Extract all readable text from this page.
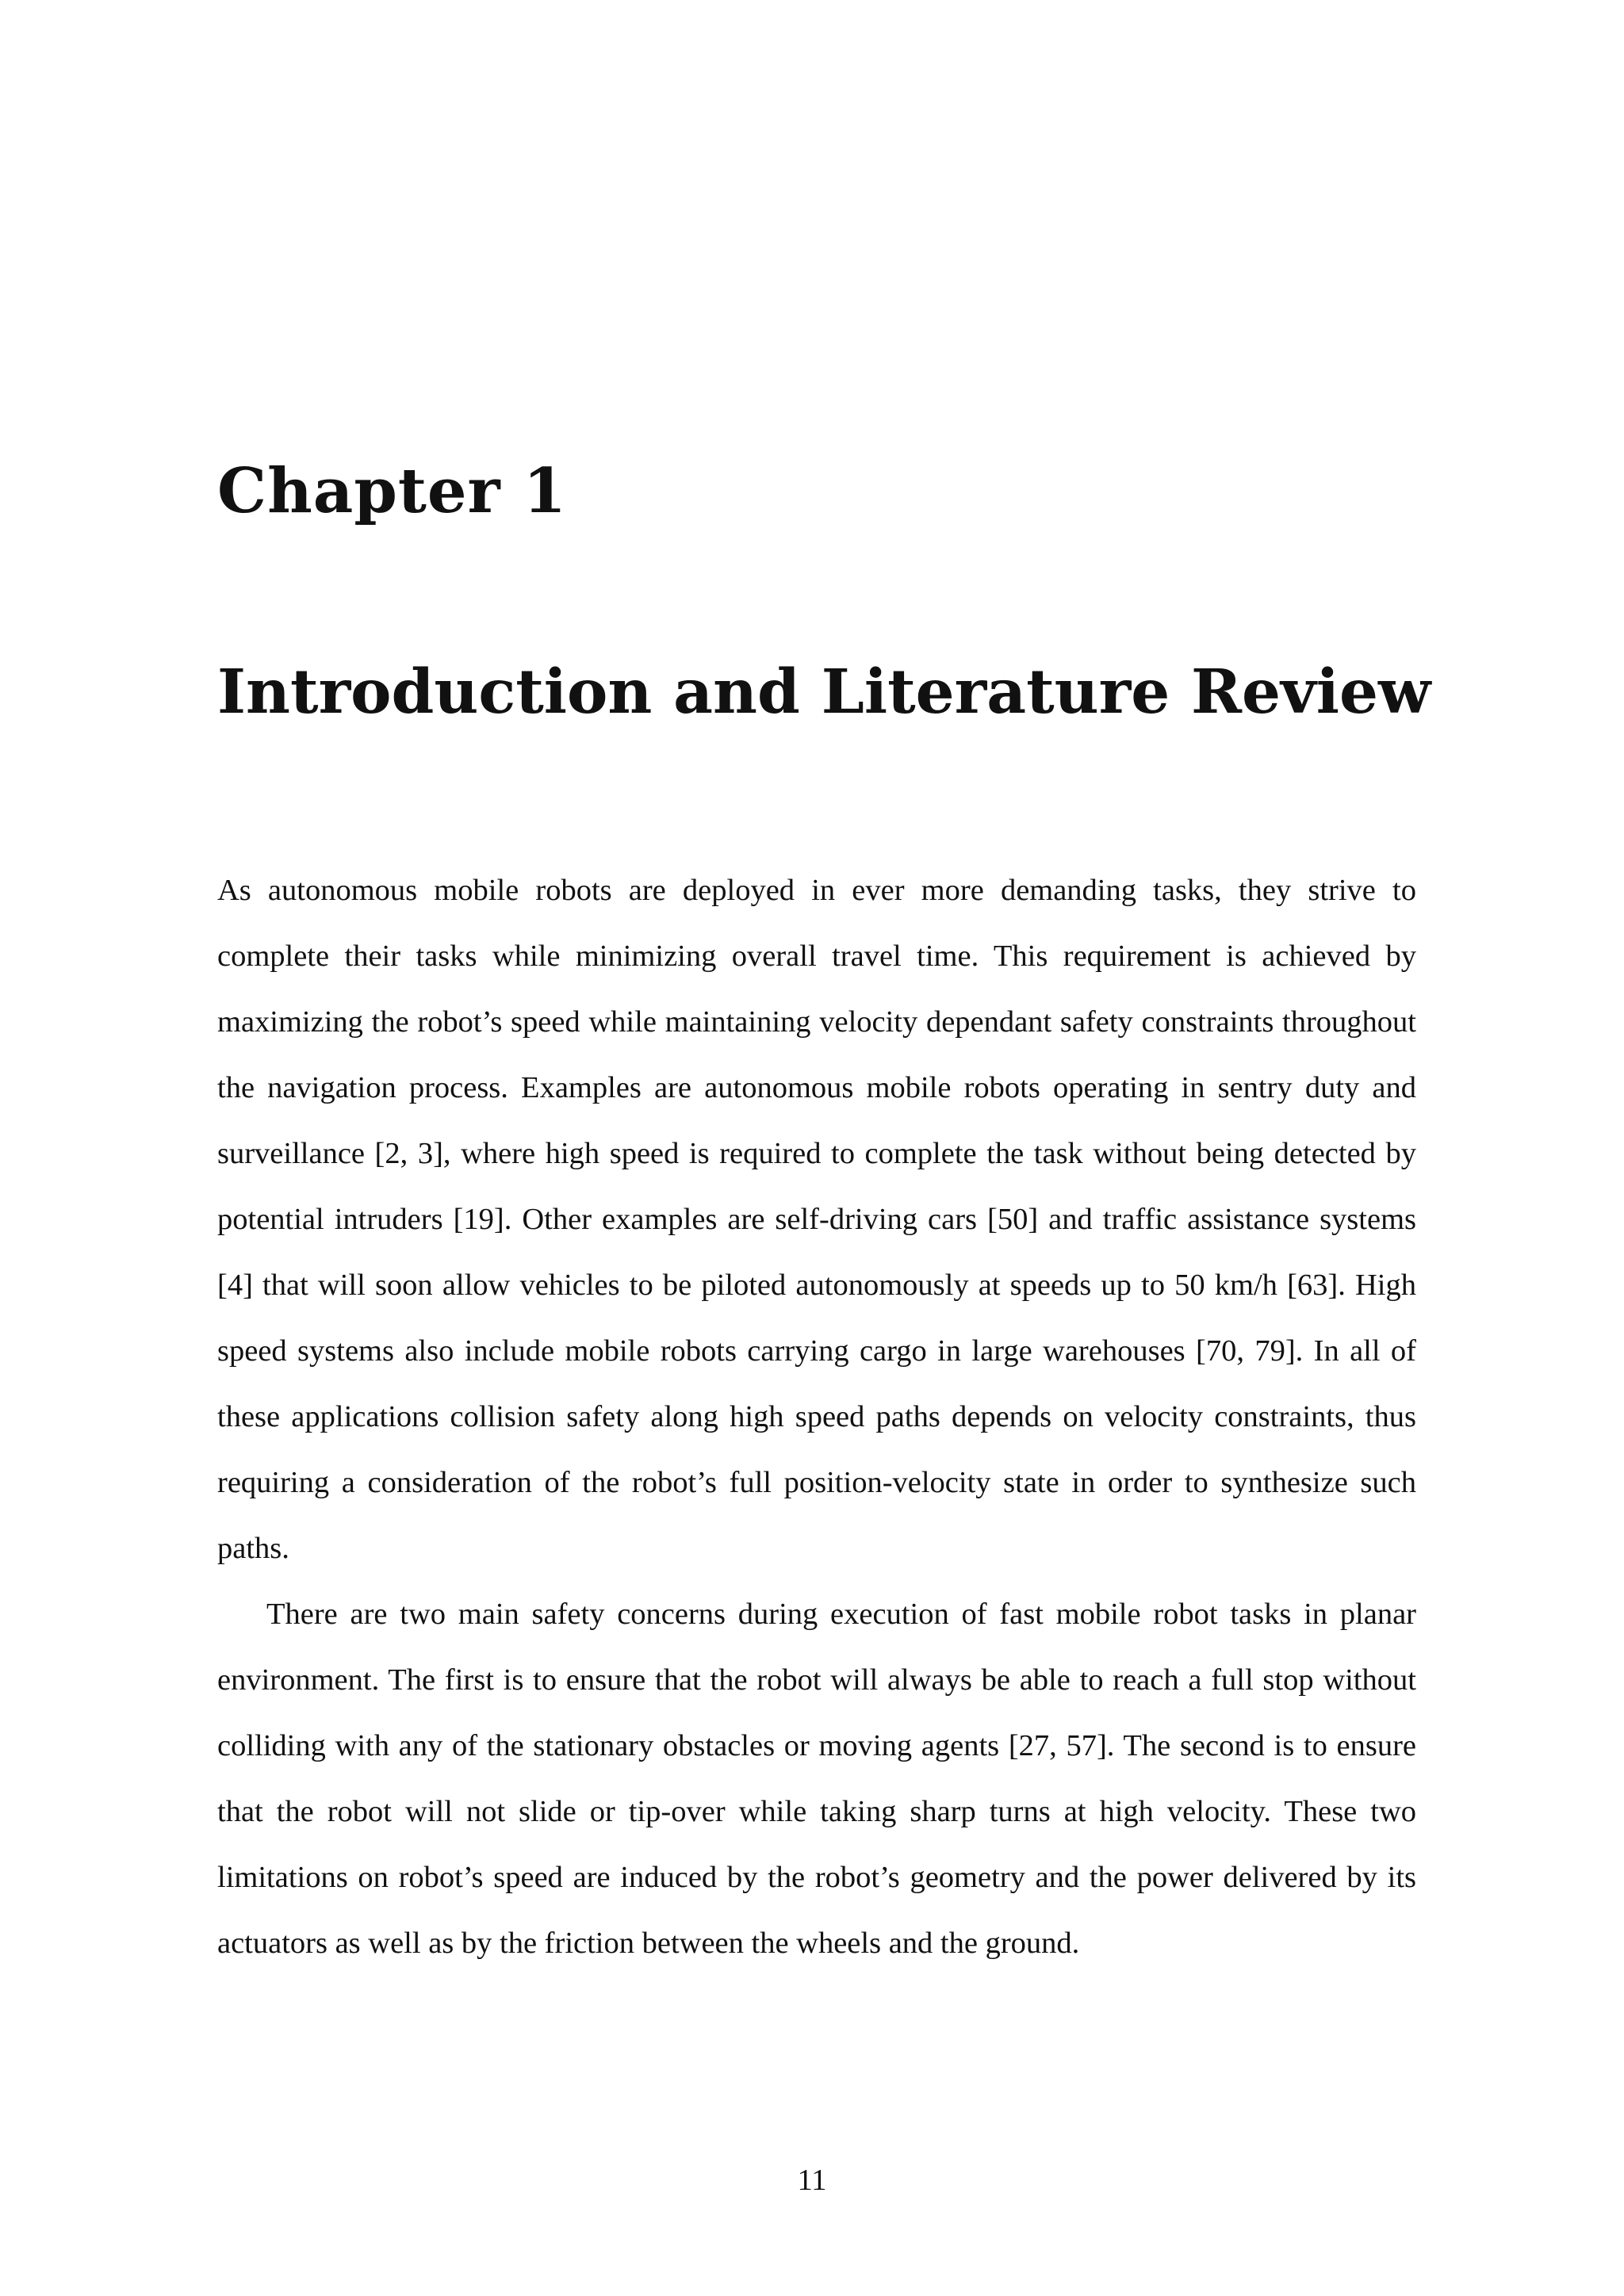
Chapter 1
Introduction and Literature Review

As autonomous mobile robots are deployed in ever more demanding tasks, they strive to complete their tasks while minimizing overall travel time. This requirement is achieved by maximizing the robot’s speed while maintaining velocity dependant safety constraints throughout the navigation process. Examples are autonomous mobile robots operating in sentry duty and surveillance [2, 3], where high speed is required to complete the task without being detected by potential intruders [19]. Other examples are self-driving cars [50] and traffic assistance systems [4] that will soon allow vehicles to be piloted autonomously at speeds up to 50 km/h [63]. High speed systems also include mobile robots carrying cargo in large warehouses [70, 79]. In all of these applications collision safety along high speed paths depends on velocity constraints, thus requiring a consideration of the robot’s full position-velocity state in order to synthesize such paths.

There are two main safety concerns during execution of fast mobile robot tasks in planar environment. The first is to ensure that the robot will always be able to reach a full stop without colliding with any of the stationary obstacles or moving agents [27, 57]. The second is to ensure that the robot will not slide or tip-over while taking sharp turns at high velocity. These two limitations on robot’s speed are induced by the robot’s geometry and the power delivered by its actuators as well as by the friction between the wheels and the ground.

11
